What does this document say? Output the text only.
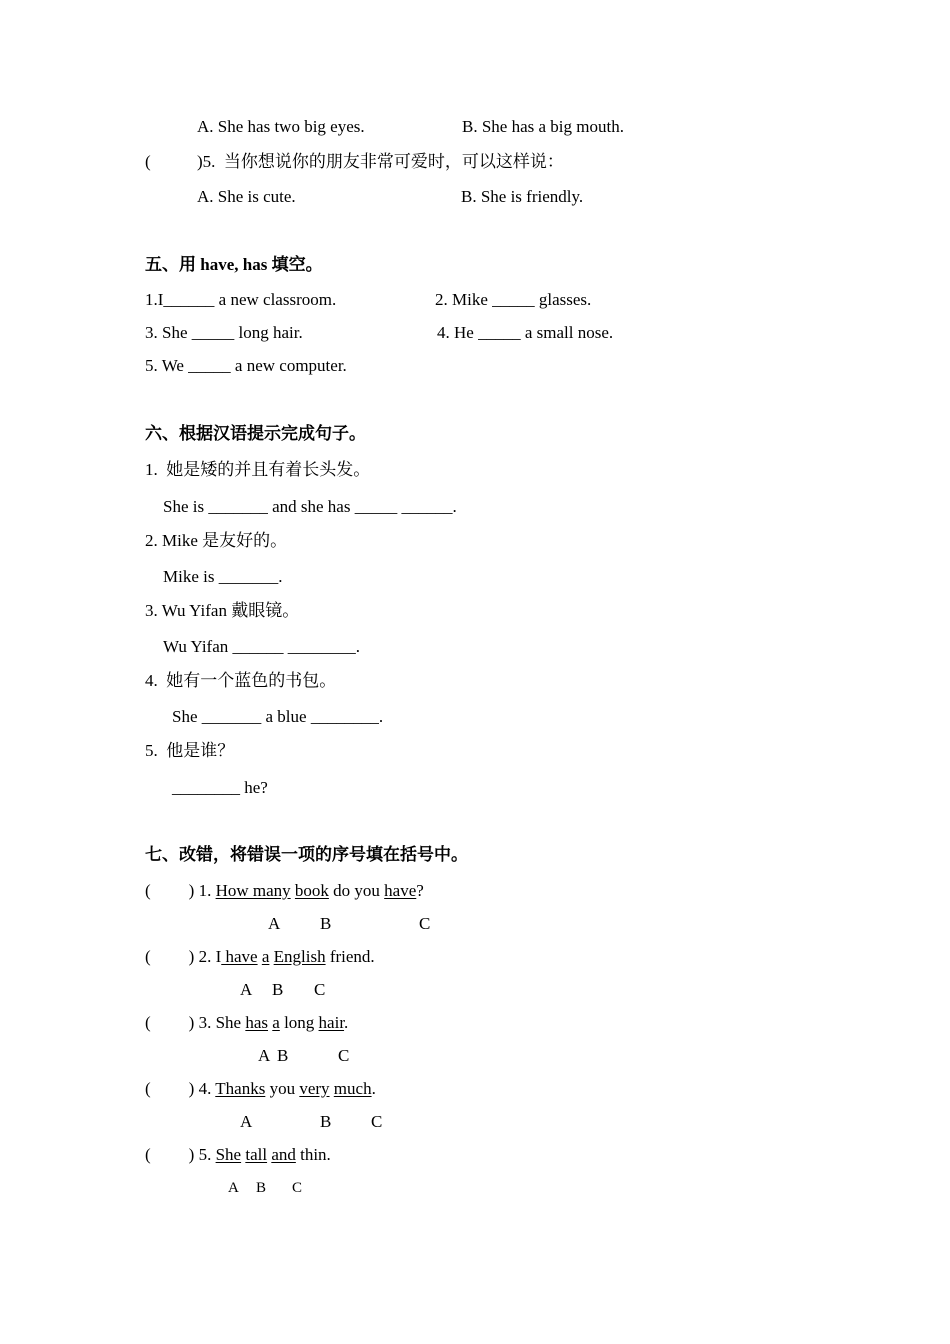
A. She has two big eyes.	B. She has a big mouth.
(	)5.  当你想说你的朋友非常可爱时，可以这样说：
A. She is cute.	B. She is friendly.
五、用 have, has 填空。
1.I______ a new classroom.	2. Mike _____ glasses.
3. She _____ long hair.	4. He _____ a small nose.
5. We _____ a new computer.
六、根据汉语提示完成句子。
1.  她是矮的并且有着长头发。
She is _______ and she has _____ ______.
2. Mike 是友好的。
Mike is _______.
3. Wu Yifan 戴眼镜。
Wu Yifan ______ ________.
4.  她有一个蓝色的书包。
She _______ a blue ________.
5.  他是谁？
________ he?
七、改错，将错误一项的序号填在括号中。
( ) 1. How many book do you have?
A B	C
( ) 2. I have a English friend.
A B C
( ) 3. She has a long hair.
A B	C
( ) 4. Thanks you very much.
A	B C
( ) 5. She tall and thin.
A B C
